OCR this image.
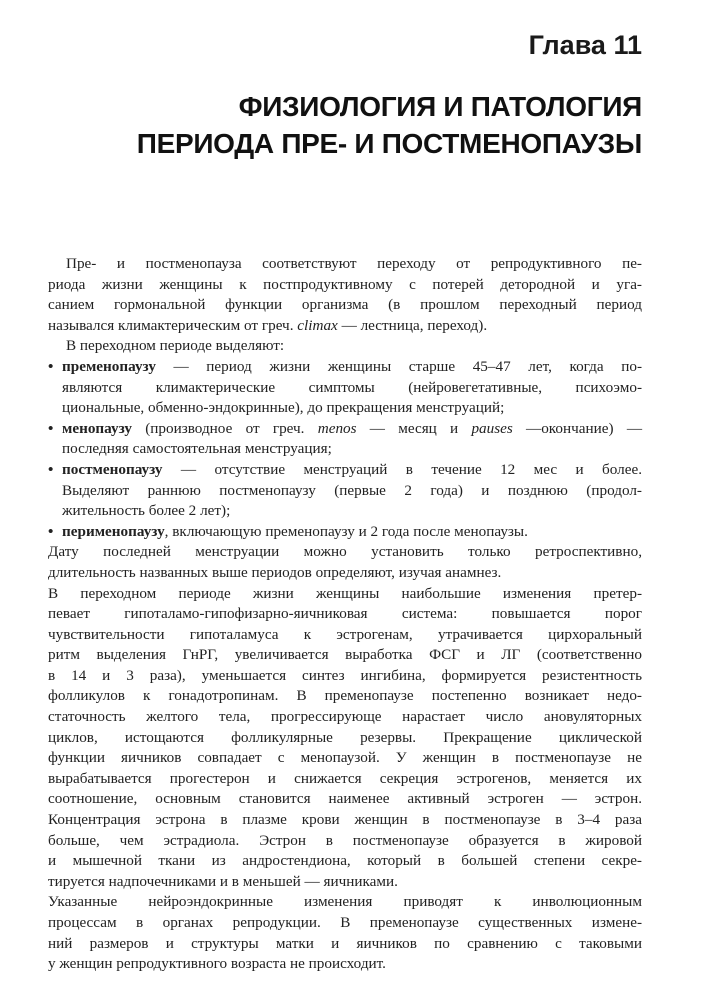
Глава 11
ФИЗИОЛОГИЯ И ПАТОЛОГИЯ
ПЕРИОДА ПРЕ- И ПОСТМЕНОПАУЗЫ

Пре- и постменопауза соответствуют переходу от репродуктивного пе-
риода жизни женщины к постпродуктивному с потерей детородной и уга-
санием гормональной функции организма (в прошлом переходный период
назывался климактерическим от греч. climax — лестница, переход).
В переходном периоде выделяют:

• пременопаузу — период жизни женщины старше 45–47 лет, когда по-
являются климактерические симптомы (нейровегетативные, психоэмо-
циональные, обменно-эндокринные), до прекращения менструаций;
• менопаузу (производное от греч. menos — месяц и pauses —окончание) —
последняя самостоятельная менструация;
• постменопаузу — отсутствие менструаций в течение 12 мес и более.
Выделяют раннюю постменопаузу (первые 2 года) и позднюю (продол-
жительность более 2 лет);
• перименопаузу, включающую пременопаузу и 2 года после менопаузы.

Дату последней менструации можно установить только ретроспективно,
длительность названных выше периодов определяют, изучая анамнез.

В переходном периоде жизни женщины наибольшие изменения претер-
певает гипоталамо-гипофизарно-яичниковая система: повышается порог
чувствительности гипоталамуса к эстрогенам, утрачивается цирхоральный
ритм выделения ГнРГ, увеличивается выработка ФСГ и ЛГ (соответственно
в 14 и 3 раза), уменьшается синтез ингибина, формируется резистентность
фолликулов к гонадотропинам. В пременопаузе постепенно возникает недо-
статочность желтого тела, прогрессирующе нарастает число ановуляторных
циклов, истощаются фолликулярные резервы. Прекращение циклической
функции яичников совпадает с менопаузой. У женщин в постменопаузе не
вырабатывается прогестерон и снижается секреция эстрогенов, меняется их
соотношение, основным становится наименее активный эстроген — эстрон.
Концентрация эстрона в плазме крови женщин в постменопаузе в 3–4 раза
больше, чем эстрадиола. Эстрон в постменопаузе образуется в жировой
и мышечной ткани из андростендиона, который в большей степени секре-
тируется надпочечниками и в меньшей — яичниками.

Указанные нейроэндокринные изменения приводят к инволюционным
процессам в органах репродукции. В пременопаузе существенных измене-
ний размеров и структуры матки и яичников по сравнению с таковыми
у женщин репродуктивного возраста не происходит.
